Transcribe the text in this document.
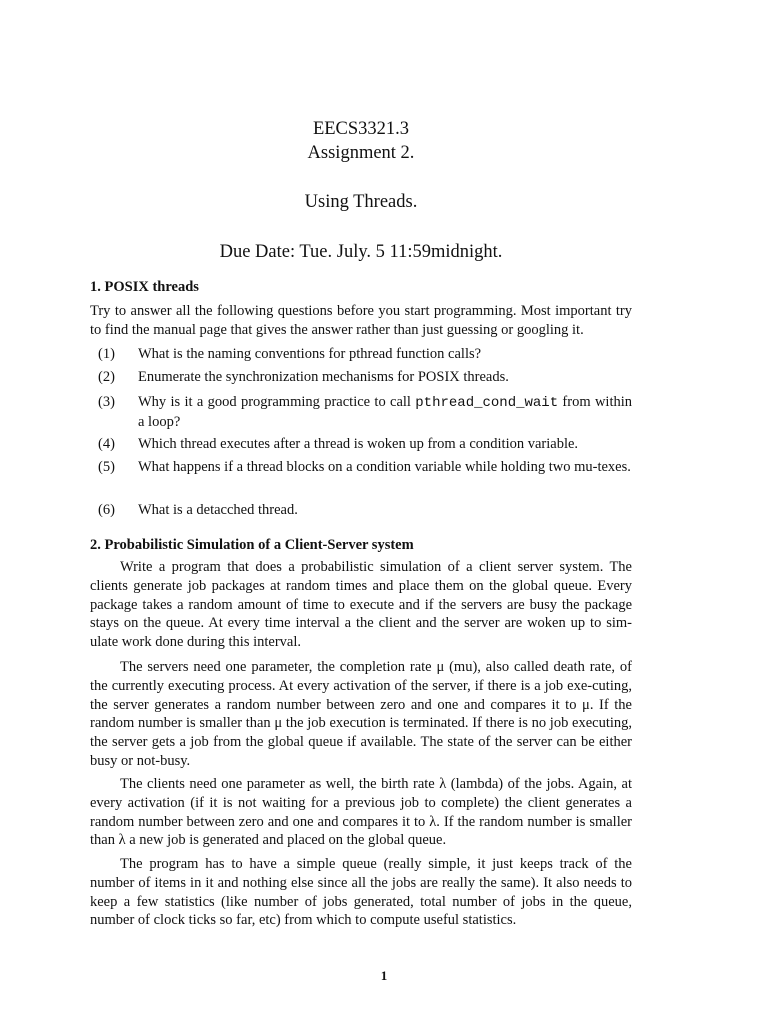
EECS3321.3
Assignment 2.
Using Threads.
Due Date: Tue. July. 5 11:59midnight.
1. POSIX threads

Try to answer all the following questions before you start programming. Most important try to find the manual page that gives the answer rather than just guessing or googling it.

(1) What is the naming conventions for pthread function calls?
(2) Enumerate the synchronization mechanisms for POSIX threads.
(3) Why is it a good programming practice to call pthread_cond_wait from within a loop?
(4) Which thread executes after a thread is woken up from a condition variable.
(5) What happens if a thread blocks on a condition variable while holding two mu-texes.
(6) What is a detacched thread.
2. Probabilistic Simulation of a Client-Server system

Write a program that does a probabilistic simulation of a client server system. The clients generate job packages at random times and place them on the global queue. Every package takes a random amount of time to execute and if the servers are busy the package stays on the queue. At every time interval a the client and the server are woken up to sim-ulate work done during this interval.

The servers need one parameter, the completion rate μ (mu), also called death rate, of the currently executing process. At every activation of the server, if there is a job exe-cuting, the server generates a random number between zero and one and compares it to μ. If the random number is smaller than μ the job execution is terminated. If there is no job executing, the server gets a job from the global queue if available. The state of the server can be either busy or not-busy.

The clients need one parameter as well, the birth rate λ (lambda) of the jobs. Again, at every activation (if it is not waiting for a previous job to complete) the client generates a random number between zero and one and compares it to λ. If the random number is smaller than λ a new job is generated and placed on the global queue.

The program has to have a simple queue (really simple, it just keeps track of the number of items in it and nothing else since all the jobs are really the same). It also needs to keep a few statistics (like number of jobs generated, total number of jobs in the queue, number of clock ticks so far, etc) from which to compute useful statistics.

1
